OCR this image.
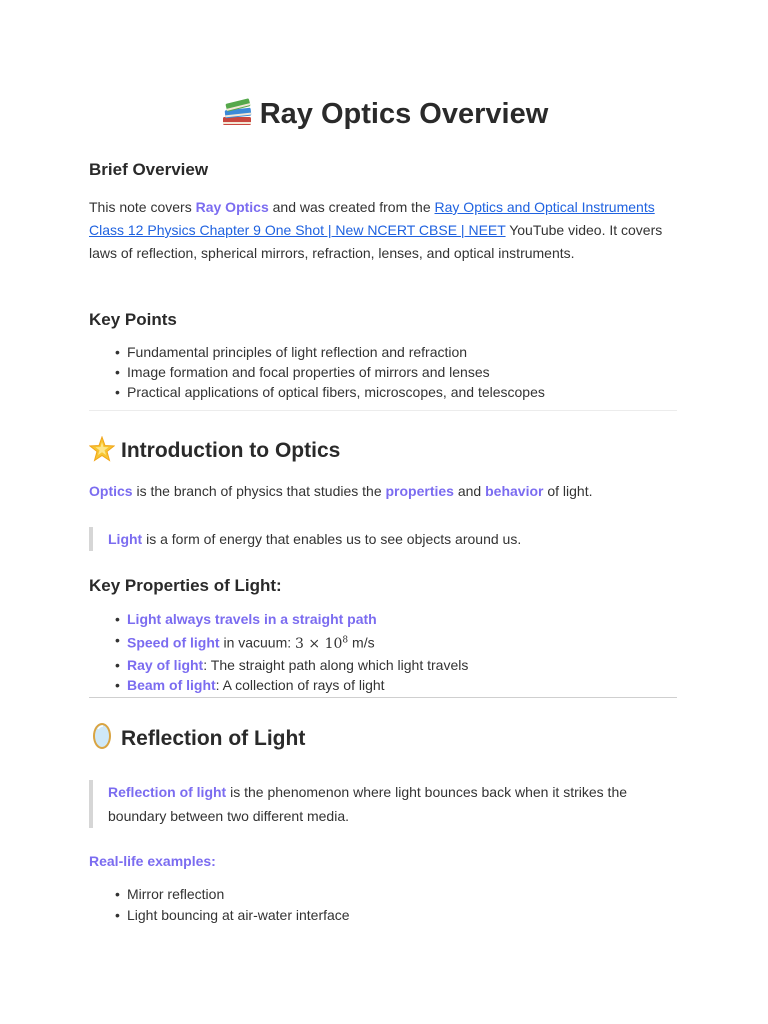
Ray Optics Overview
Brief Overview

This note covers Ray Optics and was created from the Ray Optics and Optical Instruments Class 12 Physics Chapter 9 One Shot | New NCERT CBSE | NEET YouTube video. It covers laws of reflection, spherical mirrors, refraction, lenses, and optical instruments.

Key Points
• Fundamental principles of light reflection and refraction
• Image formation and focal properties of mirrors and lenses
• Practical applications of optical fibers, microscopes, and telescopes
Introduction to Optics

Optics is the branch of physics that studies the properties and behavior of light.

Light is a form of energy that enables us to see objects around us.
Key Properties of Light:
• Light always travels in a straight path
• Speed of light in vacuum: $3 \times 10^8$ m/s
• Ray of light: The straight path along which light travels
• Beam of light: A collection of rays of light
Reflection of Light
Reflection of light is the phenomenon where light bounces back when it strikes the boundary between two different media.
Real-life examples:
• Mirror reflection
• Light bouncing at air-water interface
